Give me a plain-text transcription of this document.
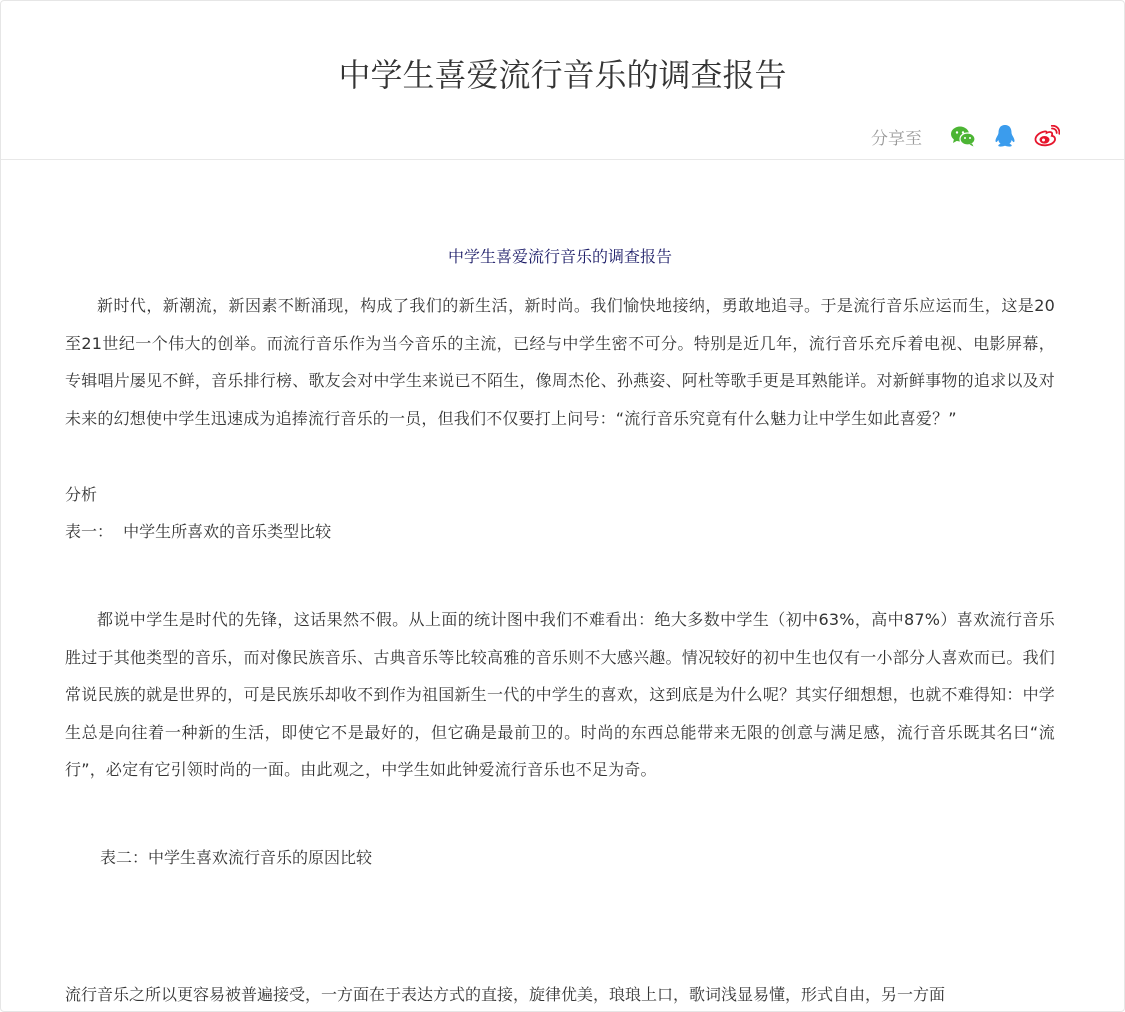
中学生喜爱流行音乐的调查报告
分享至
中学生喜爱流行音乐的调查报告

新时代，新潮流，新因素不断涌现，构成了我们的新生活，新时尚。我们愉快地接纳，勇敢地追寻。于是流行音乐应运而生，这是20至21世纪一个伟大的创举。而流行音乐作为当今音乐的主流，已经与中学生密不可分。特别是近几年，流行音乐充斥着电视、电影屏幕，专辑唱片屡见不鲜，音乐排行榜、歌友会对中学生来说已不陌生，像周杰伦、孙燕姿、阿杜等歌手更是耳熟能详。对新鲜事物的追求以及对未来的幻想使中学生迅速成为追捧流行音乐的一员，但我们不仅要打上问号：“流行音乐究竟有什么魅力让中学生如此喜爱？”

分析

表一：  中学生所喜欢的音乐类型比较

都说中学生是时代的先锋，这话果然不假。从上面的统计图中我们不难看出：绝大多数中学生（初中63%，高中87%）喜欢流行音乐胜过于其他类型的音乐，而对像民族音乐、古典音乐等比较高雅的音乐则不大感兴趣。情况较好的初中生也仅有一小部分人喜欢而已。我们常说民族的就是世界的，可是民族乐却收不到作为祖国新生一代的中学生的喜欢，这到底是为什么呢？其实仔细想想，也就不难得知：中学生总是向往着一种新的生活，即使它不是最好的，但它确是最前卫的。时尚的东西总能带来无限的创意与满足感，流行音乐既其名曰“流行”，必定有它引领时尚的一面。由此观之，中学生如此钟爱流行音乐也不足为奇。

表二：中学生喜欢流行音乐的原因比较

流行音乐之所以更容易被普遍接受，一方面在于表达方式的直接，旋律优美，琅琅上口，歌词浅显易懂，形式自由，另一方面
